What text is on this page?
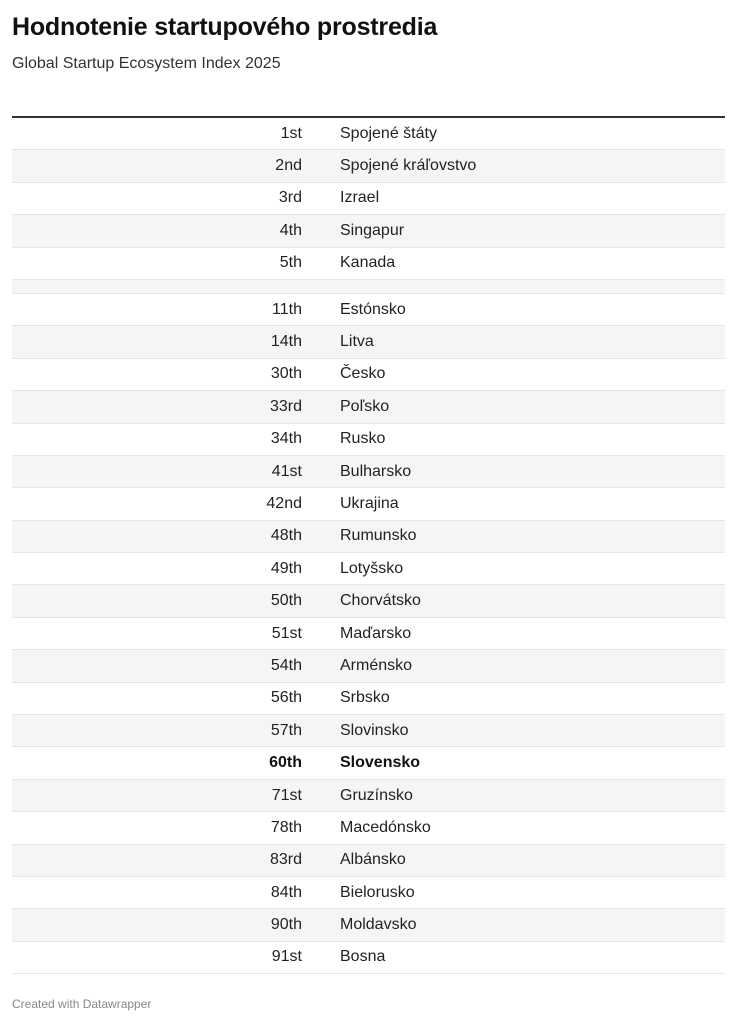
Hodnotenie startupového prostredia

Global Startup Ecosystem Index 2025

1st	Spojené štáty
2nd	Spojené kráľovstvo
3rd	Izrael
4th	Singapur
5th	Kanada
11th	Estónsko
14th	Litva
30th	Česko
33rd	Poľsko
34th	Rusko
41st	Bulharsko
42nd	Ukrajina
48th	Rumunsko
49th	Lotyšsko
50th	Chorvátsko
51st	Maďarsko
54th	Arménsko
56th	Srbsko
57th	Slovinsko
60th	Slovensko
71st	Gruzínsko
78th	Macedónsko
83rd	Albánsko
84th	Bielorusko
90th	Moldavsko
91st	Bosna
Created with Datawrapper
